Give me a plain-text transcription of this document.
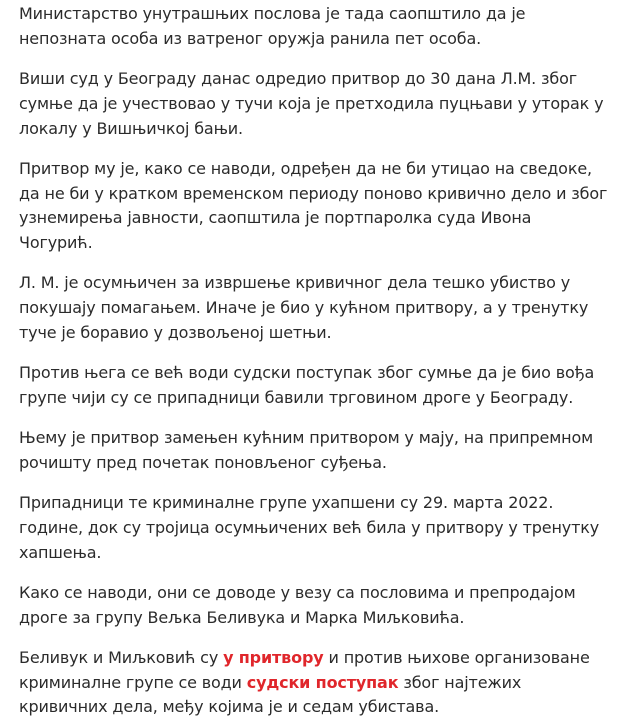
Министарство унутрашњих послова је тада саопштило да је непозната особа из ватреног оружја ранила пет особа.

Виши суд у Београду данас одредио притвор до 30 дана Л.М. због сумње да је учествовао у тучи која је претходила пуцњави у уторак у локалу у Вишњичкој бањи.

Притвор му је, како се наводи, одређен да не би утицао на сведоке, да не би у кратком временском периоду поново кривично дело и због узнемирења јавности, саопштила је портпаролка суда Ивона Чогурић.

Л. М. је осумњичен за извршење кривичног дела тешко убиство у покушају помагањем. Иначе је био у кућном притвору, а у тренутку туче је боравио у дозвољеној шетњи.

Против њега се већ води судски поступак због сумње да је био вођа групе чији су се припадници бавили трговином дроге у Београду.

Њему је притвор замењен кућним притвором у мају, на припремном рочишту пред почетак поновљеног суђења.

Припадници те криминалне групе ухапшени су 29. марта 2022. године, док су тројица осумњичених већ била у притвору у тренутку хапшења.

Како се наводи, они се доводе у везу са пословима и препродајом дроге за групу Вељка Беливука и Марка Миљковића.

Беливук и Миљковић су у притвору и против њихове организоване криминалне групе се води судски поступак због најтежих кривичних дела, међу којима је и седам убистава.
